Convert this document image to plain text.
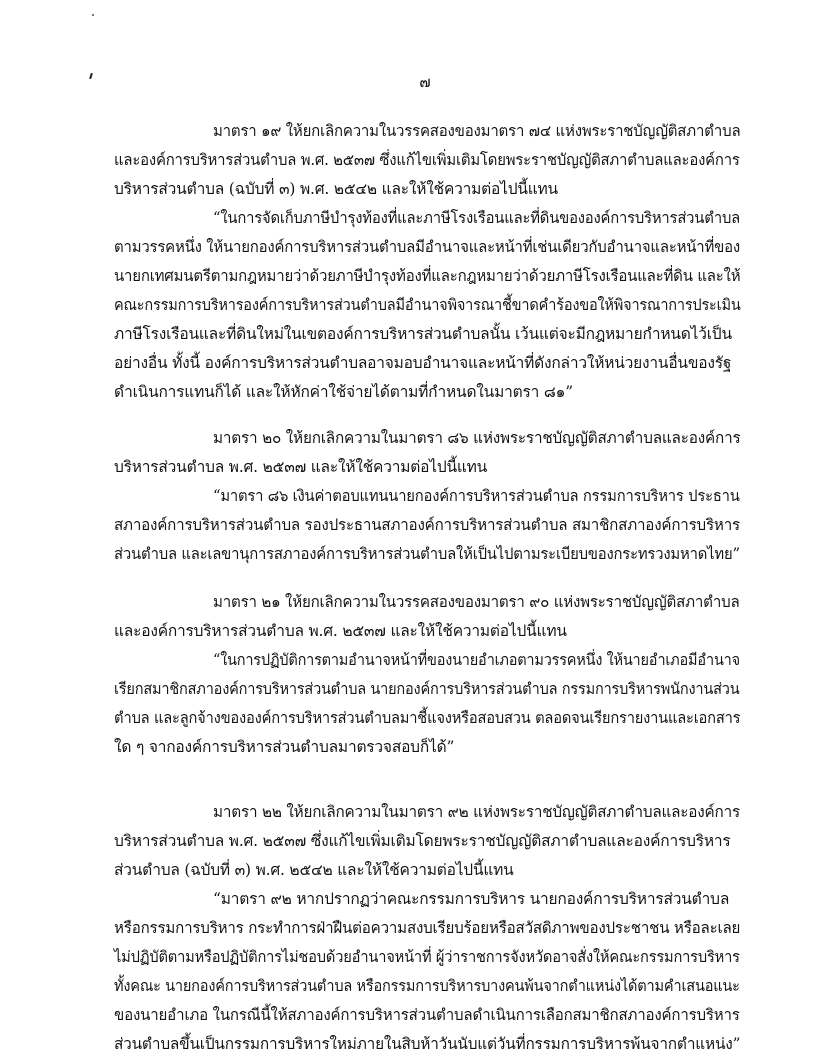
๗
มาตรา ๑๙ ให้ยกเลิกความในวรรคสองของมาตรา ๗๔ แห่งพระราชบัญญัติสภาตำบล
และองค์การบริหารส่วนตำบล พ.ศ. ๒๕๓๗ ซึ่งแก้ไขเพิ่มเติมโดยพระราชบัญญัติสภาตำบลและองค์การ
บริหารส่วนตำบล (ฉบับที่ ๓) พ.ศ. ๒๕๔๒ และให้ใช้ความต่อไปนี้แทน
“ในการจัดเก็บภาษีบำรุงท้องที่และภาษีโรงเรือนและที่ดินขององค์การบริหารส่วนตำบล
ตามวรรคหนึ่ง ให้นายกองค์การบริหารส่วนตำบลมีอำนาจและหน้าที่เช่นเดียวกับอำนาจและหน้าที่ของ
นายกเทศมนตรีตามกฎหมายว่าด้วยภาษีบำรุงท้องที่และกฎหมายว่าด้วยภาษีโรงเรือนและที่ดิน และให้
คณะกรรมการบริหารองค์การบริหารส่วนตำบลมีอำนาจพิจารณาชี้ขาดคำร้องขอให้พิจารณาการประเมิน
ภาษีโรงเรือนและที่ดินใหม่ในเขตองค์การบริหารส่วนตำบลนั้น เว้นแต่จะมีกฎหมายกำหนดไว้เป็น
อย่างอื่น ทั้งนี้ องค์การบริหารส่วนตำบลอาจมอบอำนาจและหน้าที่ดังกล่าวให้หน่วยงานอื่นของรัฐ
ดำเนินการแทนก็ได้ และให้หักค่าใช้จ่ายได้ตามที่กำหนดในมาตรา ๘๑”
มาตรา ๒๐ ให้ยกเลิกความในมาตรา ๘๖ แห่งพระราชบัญญัติสภาตำบลและองค์การ
บริหารส่วนตำบล พ.ศ. ๒๕๓๗ และให้ใช้ความต่อไปนี้แทน
“มาตรา ๘๖ เงินค่าตอบแทนนายกองค์การบริหารส่วนตำบล กรรมการบริหาร ประธาน
สภาองค์การบริหารส่วนตำบล รองประธานสภาองค์การบริหารส่วนตำบล สมาชิกสภาองค์การบริหาร
ส่วนตำบล และเลขานุการสภาองค์การบริหารส่วนตำบลให้เป็นไปตามระเบียบของกระทรวงมหาดไทย”
มาตรา ๒๑ ให้ยกเลิกความในวรรคสองของมาตรา ๙๐ แห่งพระราชบัญญัติสภาตำบล
และองค์การบริหารส่วนตำบล พ.ศ. ๒๕๓๗ และให้ใช้ความต่อไปนี้แทน
“ในการปฏิบัติการตามอำนาจหน้าที่ของนายอำเภอตามวรรคหนึ่ง ให้นายอำเภอมีอำนาจ
เรียกสมาชิกสภาองค์การบริหารส่วนตำบล นายกองค์การบริหารส่วนตำบล กรรมการบริหารพนักงานส่วน
ตำบล และลูกจ้างขององค์การบริหารส่วนตำบลมาชี้แจงหรือสอบสวน ตลอดจนเรียกรายงานและเอกสาร
ใด ๆ จากองค์การบริหารส่วนตำบลมาตรวจสอบก็ได้”
มาตรา ๒๒ ให้ยกเลิกความในมาตรา ๙๒ แห่งพระราชบัญญัติสภาตำบลและองค์การ
บริหารส่วนตำบล พ.ศ. ๒๕๓๗ ซึ่งแก้ไขเพิ่มเติมโดยพระราชบัญญัติสภาตำบลและองค์การบริหาร
ส่วนตำบล (ฉบับที่ ๓) พ.ศ. ๒๕๔๒ และให้ใช้ความต่อไปนี้แทน
“มาตรา ๙๒ หากปรากฏว่าคณะกรรมการบริหาร นายกองค์การบริหารส่วนตำบล
หรือกรรมการบริหาร กระทำการฝ่าฝืนต่อความสงบเรียบร้อยหรือสวัสดิภาพของประชาชน หรือละเลย
ไม่ปฏิบัติตามหรือปฏิบัติการไม่ชอบด้วยอำนาจหน้าที่ ผู้ว่าราชการจังหวัดอาจสั่งให้คณะกรรมการบริหาร
ทั้งคณะ นายกองค์การบริหารส่วนตำบล หรือกรรมการบริหารบางคนพ้นจากตำแหน่งได้ตามคำเสนอแนะ
ของนายอำเภอ ในกรณีนี้ให้สภาองค์การบริหารส่วนตำบลดำเนินการเลือกสมาชิกสภาองค์การบริหาร
ส่วนตำบลขึ้นเป็นกรรมการบริหารใหม่ภายในสิบห้าวันนับแต่วันที่กรรมการบริหารพ้นจากตำแหน่ง”
